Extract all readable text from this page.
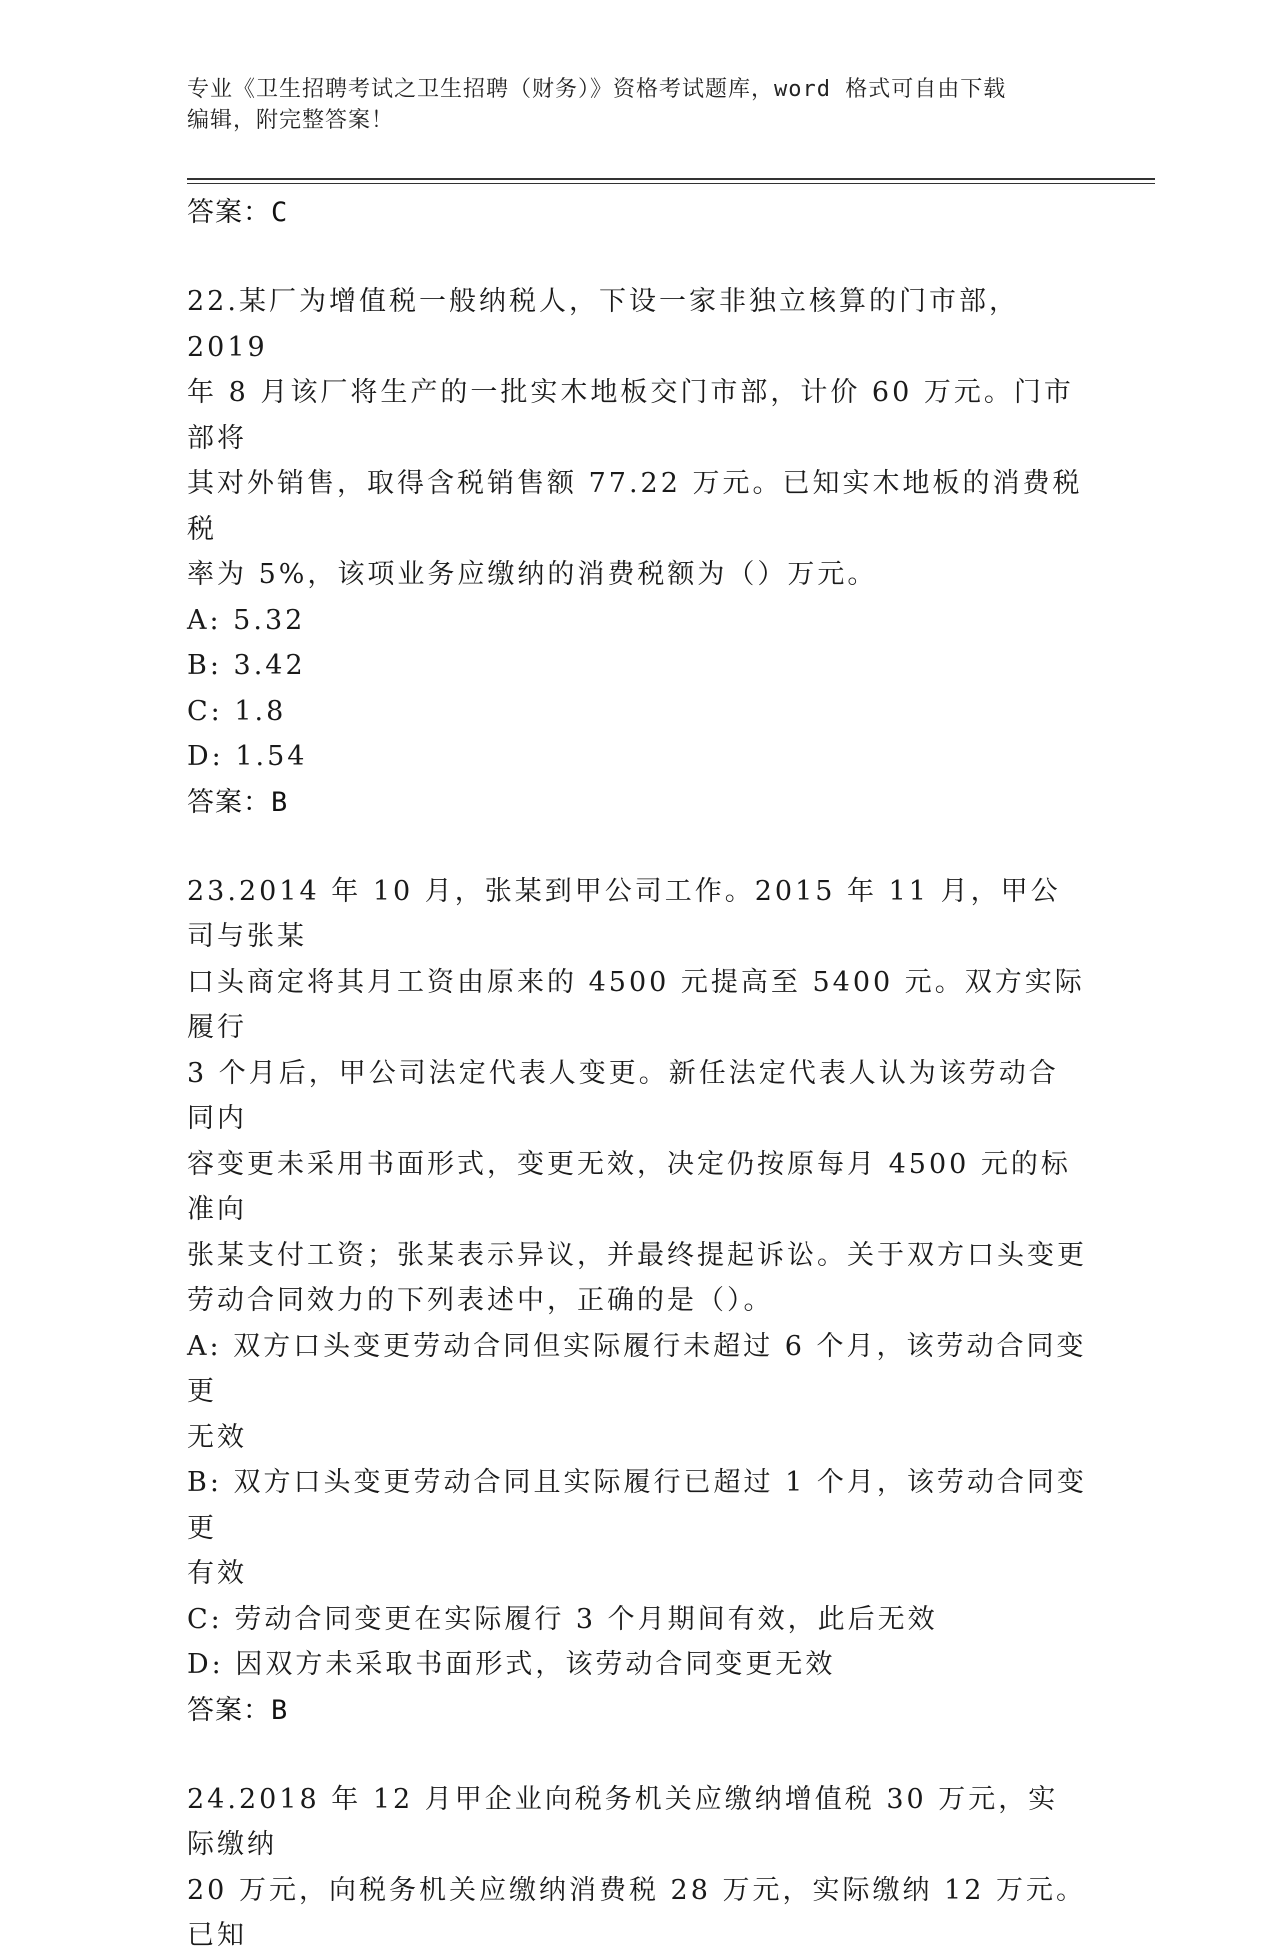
专业《卫生招聘考试之卫生招聘（财务）》资格考试题库，word 格式可自由下载
编辑，附完整答案！
答案：C
22.某厂为增值税一般纳税人，下设一家非独立核算的门市部，2019
年 8 月该厂将生产的一批实木地板交门市部，计价 60 万元。门市部将
其对外销售，取得含税销售额 77.22 万元。已知实木地板的消费税税
率为 5%，该项业务应缴纳的消费税额为（）万元。
A: 5.32
B: 3.42
C: 1.8
D: 1.54
答案：B
23.2014 年 10 月，张某到甲公司工作。2015 年 11 月，甲公司与张某
口头商定将其月工资由原来的 4500 元提高至 5400 元。双方实际履行
3 个月后，甲公司法定代表人变更。新任法定代表人认为该劳动合同内
容变更未采用书面形式，变更无效，决定仍按原每月 4500 元的标准向
张某支付工资；张某表示异议，并最终提起诉讼。关于双方口头变更
劳动合同效力的下列表述中，正确的是（）。
A: 双方口头变更劳动合同但实际履行未超过 6 个月，该劳动合同变更
无效
B: 双方口头变更劳动合同且实际履行已超过 1 个月，该劳动合同变更
有效
C: 劳动合同变更在实际履行 3 个月期间有效，此后无效
D: 因双方未采取书面形式，该劳动合同变更无效
答案：B
24.2018 年 12 月甲企业向税务机关应缴纳增值税 30 万元，实际缴纳
20 万元，向税务机关应缴纳消费税 28 万元，实际缴纳 12 万元。已知
